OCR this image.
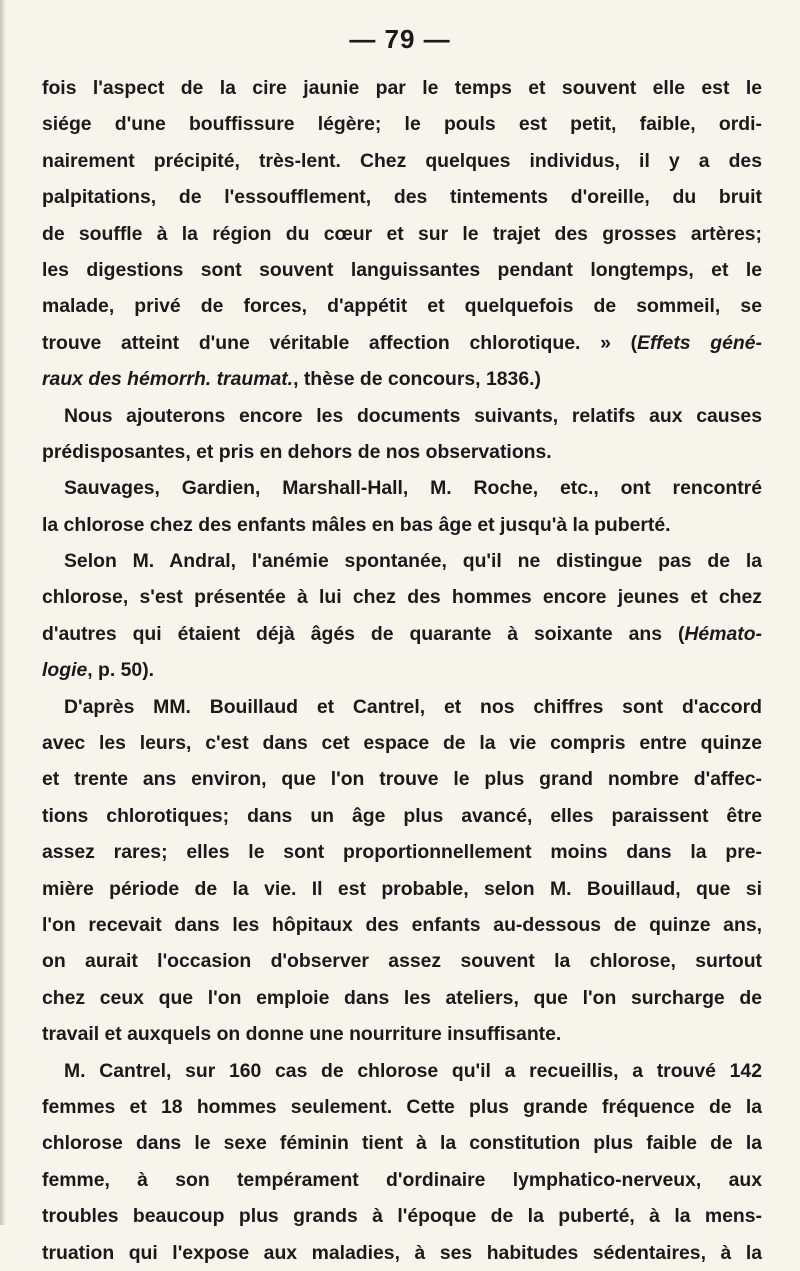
— 79 —
fois l'aspect de la cire jaunie par le temps et souvent elle est le
siége d'une bouffissure légère; le pouls est petit, faible, ordi-
nairement précipité, très-lent. Chez quelques individus, il y a des
palpitations, de l'essoufflement, des tintements d'oreille, du bruit
de souffle à la région du cœur et sur le trajet des grosses artères;
les digestions sont souvent languissantes pendant longtemps, et le
malade, privé de forces, d'appétit et quelquefois de sommeil, se
trouve atteint d'une véritable affection chlorotique. » (Effets géné-
raux des hémorrh. traumat., thèse de concours, 1836.)
Nous ajouterons encore les documents suivants, relatifs aux causes
prédisposantes, et pris en dehors de nos observations.
Sauvages, Gardien, Marshall-Hall, M. Roche, etc., ont rencontré
la chlorose chez des enfants mâles en bas âge et jusqu'à la puberté.
Selon M. Andral, l'anémie spontanée, qu'il ne distingue pas de la
chlorose, s'est présentée à lui chez des hommes encore jeunes et chez
d'autres qui étaient déjà âgés de quarante à soixante ans (Hémato-
logie, p. 50).
D'après MM. Bouillaud et Cantrel, et nos chiffres sont d'accord
avec les leurs, c'est dans cet espace de la vie compris entre quinze
et trente ans environ, que l'on trouve le plus grand nombre d'affec-
tions chlorotiques; dans un âge plus avancé, elles paraissent être
assez rares; elles le sont proportionnellement moins dans la pre-
mière période de la vie. Il est probable, selon M. Bouillaud, que si
l'on recevait dans les hôpitaux des enfants au-dessous de quinze ans,
on aurait l'occasion d'observer assez souvent la chlorose, surtout
chez ceux que l'on emploie dans les ateliers, que l'on surcharge de
travail et auxquels on donne une nourriture insuffisante.
M. Cantrel, sur 160 cas de chlorose qu'il a recueillis, a trouvé 142
femmes et 18 hommes seulement. Cette plus grande fréquence de la
chlorose dans le sexe féminin tient à la constitution plus faible de la
femme, à son tempérament d'ordinaire lymphatico-nerveux, aux
troubles beaucoup plus grands à l'époque de la puberté, à la mens-
truation qui l'expose aux maladies, à ses habitudes sédentaires, à la
